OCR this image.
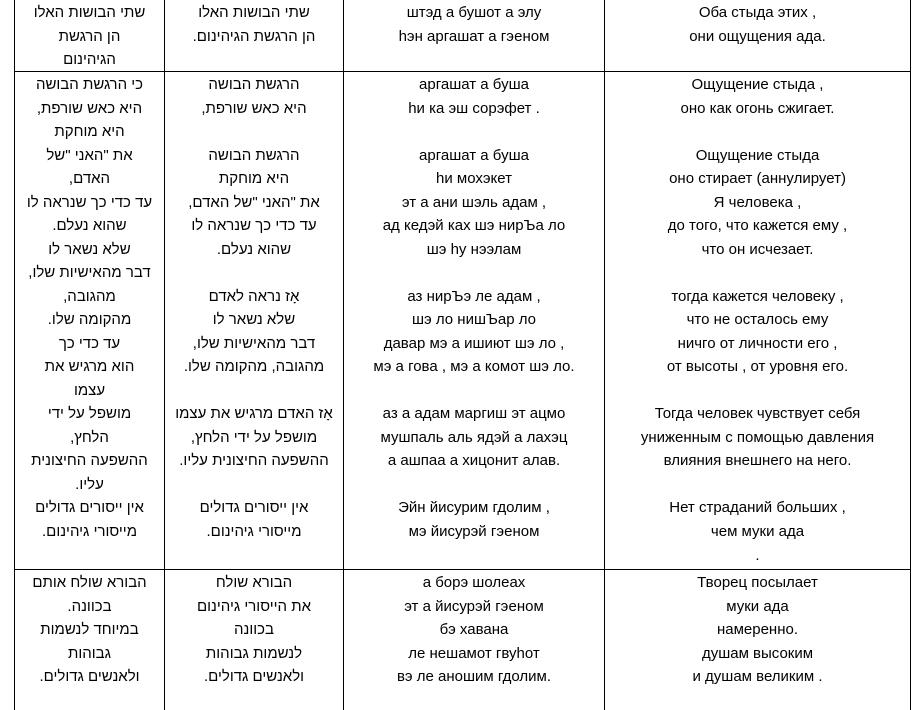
שתי הבושות האלו
הן הרגשת
הגיהינום
שתי הבושות האלו
הן הרגשת הגיהינום.
штэд а бушот а элу
hэн аргашат а гэеном
Оба стыда этих ,
они ощущения ада.
כי הרגשת הבושה
היא כאש שורפת,
היא מוחקת
את "האני "של
האדם,
עד כדי כך שנראה לו
שהוא נעלם.
שלא נשאר לו
דבר מהאישיות שלו,
מהגובה,
מהקומה שלו.
עד כדי כך
הוא מרגיש את
עצמו
מושפל על ידי
הלחץ,
ההשפעה החיצונית
עליו.
אין ייסורים גדולים
מייסורי גיהינום.
הרגשת הבושה
היא כאש שורפת,
הרגשת הבושה
היא מוחקת
את "האני "של האדם,
עד כדי כך שנראה לו
שהוא נעלם.
אָז נראה לאדם
שלא נשאר לו
דבר מהאישיות שלו,
מהגובה, מהקומה שלו.
אָז האדם מרגיש את עצמו
מושפל על ידי הלחץ,
ההשפעה החיצונית עליו.
אין ייסורים גדולים
מייסורי גיהינום.
аргашат а буша
hи ка эш сорэфет .
аргашат а буша
hи мохэкет
эт а ани шэль адам ,
ад кедэй ках шэ нирЪа ло
шэ hу нээлам
аз нирЪэ ле адам ,
шэ ло нишЪар ло
давар мэ а ишиют шэ ло ,
мэ а гова , мэ а комот шэ ло.
аз а адам маргиш эт ацмо
мушпаль аль ядэй а лахэц
а ашпаа а хицонит алав.
Эйн йисурим гдолим ,
мэ йисурэй гэеном
Ощущение стыда ,
оно как огонь сжигает.
Ощущение стыда
оно стирает (аннулирует)
Я человека ,
до того, что кажется ему ,
что он исчезает.
тогда кажется человеку ,
что не осталось ему
ничго от личности его ,
от высоты , от уровня его.
Тогда человек чувствует себя
униженным с помощью давления
влияния внешнего на него.
Нет страданий больших ,
чем муки ада
.
הבורא שולח אותם
בכוונה.
במיוחד לנשמות
גבוהות
ולאנשים גדולים.
הבורא שולח
את הייסורי גיהינום
בכוונה
לנשמות גבוהות
ולאנשים גדולים.
а борэ шолеах
эт а йисурэй гэеном
бэ хавана
ле нешамот гвуhот
вэ ле аношим гдолим.
Творец посылает
муки ада
намеренно.
душам высоким
и душам великим .
